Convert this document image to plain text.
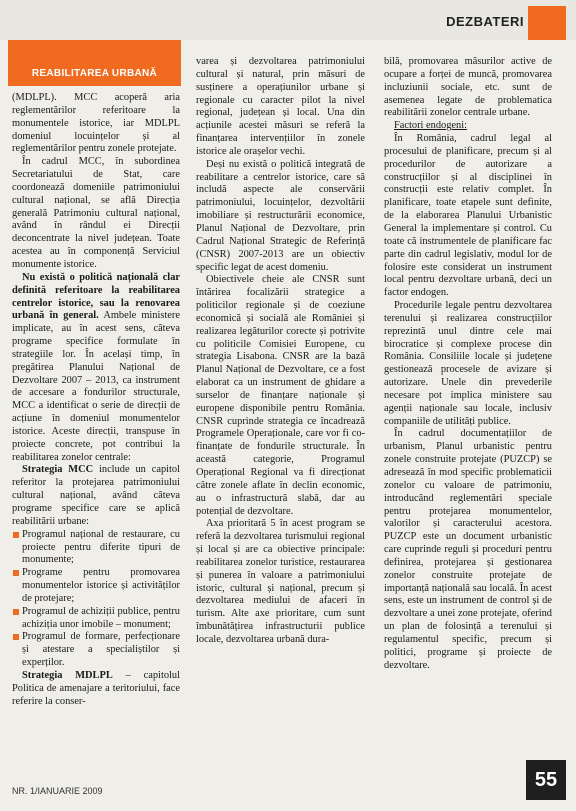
DEZBATERI
REABILITAREA URBANĂ

(MDLPL). MCC acoperă aria reglementărilor referitoare la monumentele istorice, iar MDLPL domeniul locuințelor și al reglementărilor pentru zonele protejate.

În cadrul MCC, în subordinea Secretariatului de Stat, care coordonează domeniile patrimoniului cultural național, se află Direcția generală Patrimoniu cultural național, având în rândul ei Direcții deconcentrate la nivel județean. Toate acestea au în componență Serviciul monumente istorice.

Nu există o politică națională clar definită referitoare la reabilitarea centrelor istorice, sau la renovarea urbană în general. Ambele ministere implicate, au în acest sens, câteva programe specifice formulate în strategiile lor. În același timp, în pregătirea Planului Național de Dezvoltare 2007 – 2013, ca instrument de accesare a fondurilor structurale, MCC a identificat o serie de direcții de acțiune în domeniul monumentelor istorice. Aceste direcții, transpuse în proiecte concrete, pot contribui la reabilitarea zonelor centrale:

Strategia MCC include un capitol referitor la protejarea patrimoniului cultural național, având câteva programe specifice care se aplică reabilitării urbane:

Programul național de restaurare, cu proiecte pentru diferite tipuri de monumente;

Programe pentru promovarea monumentelor istorice și activităților de protejare;

Programul de achiziții publice, pentru achiziția unor imobile – monument;

Programul de formare, perfecționare și atestare a specialiștilor și experților.

Strategia MDLPL – capitolul Politica de amenajare a teritoriului, face referire la conser-

varea și dezvoltarea patrimoniului cultural și natural, prin măsuri de susținere a operațiunilor urbane și regionale cu caracter pilot la nivel regional, județean și local. Una din acțiunile acestei măsuri se referă la finanțarea intervențiilor în zonele istorice ale orașelor vechi.

Deși nu există o politică integrată de reabilitare a centrelor istorice, care să includă aspecte ale conservării patrimoniului, locuințelor, dezvoltării imobiliare și restructurării economice, Planul Național de Dezvoltare, prin Cadrul Național Strategic de Referință (CNSR) 2007-2013 are un obiectiv specific legat de acest domeniu.

Obiectivele cheie ale CNSR sunt întărirea focalizării strategice a politicilor regionale și de coeziune economică și socială ale României și realizarea legăturilor corecte și potrivite cu politicile Comisiei Europene, cu strategia Lisabona. CNSR are la bază Planul Național de Dezvoltare, ce a fost elaborat ca un instrument de ghidare a surselor de finanțare naționale și europene disponibile pentru România. CNSR cuprinde strategia ce încadrează Programele Operaționale, care vor fi co-finanțate de fondurile structurale. În această categorie, Programul Operațional Regional va fi direcționat către zonele aflate în declin economic, au o infrastructură slabă, dar au potențial de dezvoltare.

Axa prioritară 5 în acest program se referă la dezvoltarea turismului regional și local și are ca obiective principale: reabilitarea zonelor turistice, restaurarea și punerea în valoare a patrimoniului istoric, cultural și național, precum și dezvoltarea mediului de afaceri în turism. Alte axe prioritare, cum sunt îmbunătățirea infrastructurii publice locale, dezvoltarea urbană dura-

bilă, promovarea măsurilor active de ocupare a forței de muncă, promovarea incluziunii sociale, etc. sunt de asemenea legate de problematica reabilitării zonelor centrale urbane.

Factori endogeni:

În România, cadrul legal al procesului de planificare, precum și al procedurilor de autorizare a construcțiilor și al disciplinei în construcții este relativ complet. În planificare, toate etapele sunt definite, de la elaborarea Planului Urbanistic General la implementare și control. Cu toate că instrumentele de planificare fac parte din cadrul legislativ, modul lor de folosire este considerat un instrument local pentru dezvoltare urbană, deci un factor endogen.

Procedurile legale pentru dezvoltarea terenului și realizarea construcțiilor reprezintă unul dintre cele mai birocratice și complexe procese din România. Consiliile locale și județene gestionează procesele de avizare și autorizare. Unele din prevederile necesare pot implica ministere sau agenții naționale sau locale, inclusiv companiile de utilități publice.

În cadrul documentațiilor de urbanism, Planul urbanistic pentru zonele construite protejate (PUZCP) se adresează în mod specific problematicii zonelor cu valoare de patrimoniu, introducând reglementări speciale pentru protejarea monumentelor, valorilor și caracterului acestora. PUZCP este un document urbanistic care cuprinde reguli și proceduri pentru definirea, protejarea și gestionarea zonelor construite protejate de importanță națională sau locală. În acest sens, este un instrument de control și de dezvoltare a unei zone protejate, oferind un plan de folosință a terenului și regulamentul specific, precum și politici, programe și proiecte de dezvoltare.

NR. 1/IANUARIE 2009
55
